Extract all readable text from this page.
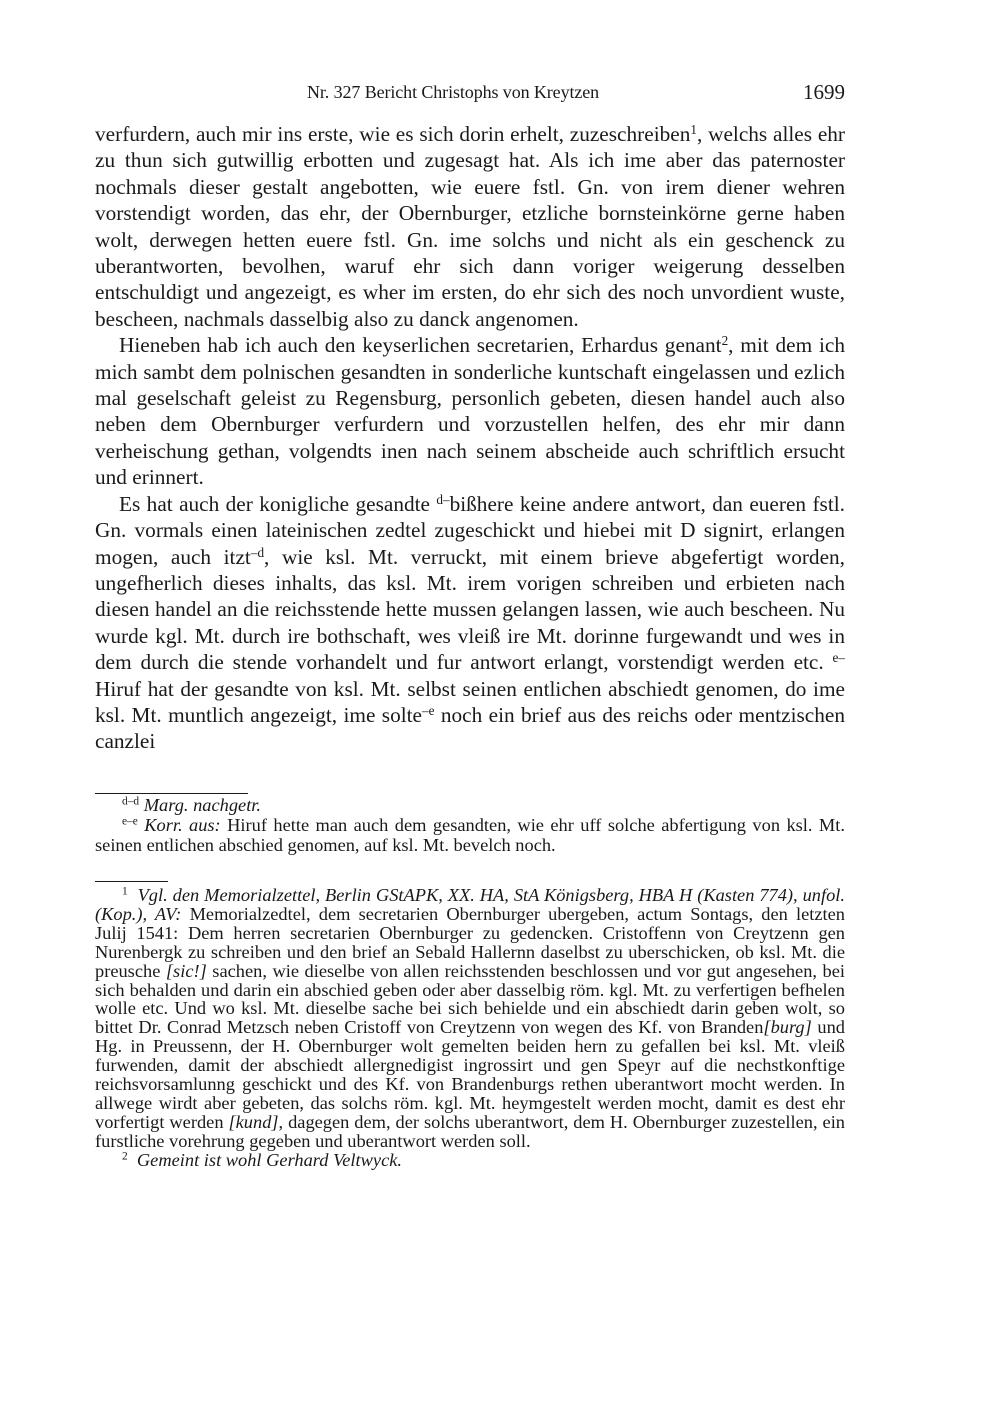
Nr. 327 Bericht Christophs von Kreytzen	1699

verfurdern, auch mir ins erste, wie es sich dorin erhelt, zuzeschreiben$^1$, welchs alles ehr zu thun sich gutwillig erbotten und zugesagt hat. Als ich ime aber das paternoster nochmals dieser gestalt angebotten, wie euere fstl. Gn. von irem diener wehren vorstendigt worden, das ehr, der Obernburger, etzliche bornsteinkörne gerne haben wolt, derwegen hetten euere fstl. Gn. ime solchs und nicht als ein geschenck zu uberantworten, bevolhen, waruf ehr sich dann voriger weigerung desselben entschuldigt und angezeigt, es wher im ersten, do ehr sich des noch unvordient wuste, bescheen, nachmals dasselbig also zu danck angenomen.

Hieneben hab ich auch den keyserlichen secretarien, Erhardus genant$^2$, mit dem ich mich sambt dem polnischen gesandten in sonderliche kuntschaft eingelassen und ezlich mal geselschaft geleist zu Regensburg, personlich gebeten, diesen handel auch also neben dem Obernburger verfurdern und vorzustellen helfen, des ehr mir dann verheischung gethan, volgendts inen nach seinem abscheide auch schriftlich ersucht und erinnert.

Es hat auch der konigliche gesandte $^{d-}$bißhere keine andere antwort, dan eueren fstl. Gn. vormals einen lateinischen zedtel zugeschickt und hiebei mit D signirt, erlangen mogen, auch itzt$^{-d}$, wie ksl. Mt. verruckt, mit einem brieve abgefertigt worden, ungefherlich dieses inhalts, das ksl. Mt. irem vorigen schreiben und erbieten nach diesen handel an die reichsstende hette mussen gelangen lassen, wie auch bescheen. Nu wurde kgl. Mt. durch ire bothschaft, wes vleiß ire Mt. dorinne furgewandt und wes in dem durch die stende vorhandelt und fur antwort erlangt, vorstendigt werden etc. $^{e-}$Hiruf hat der gesandte von ksl. Mt. selbst seinen entlichen abschiedt genomen, do ime ksl. Mt. muntlich angezeigt, ime solte$^{-e}$ noch ein brief aus des reichs oder mentzischen canzlei

$^{d-d}$ Marg. nachgetr.

$^{e-e}$ Korr. aus: Hiruf hette man auch dem gesandten, wie ehr uff solche abfertigung von ksl. Mt. seinen entlichen abschied genomen, auf ksl. Mt. bevelch noch.

$^1$ Vgl. den Memorialzettel, Berlin GStAPK, XX. HA, StA Königsberg, HBA H (Kasten 774), unfol. (Kop.), AV: Memorialzedtel, dem secretarien Obernburger ubergeben, actum Sontags, den letzten Julij 1541: Dem herren secretarien Obernburger zu gedencken. Cristoffenn von Creytzenn gen Nurenbergk zu schreiben und den brief an Sebald Hallernn daselbst zu uberschicken, ob ksl. Mt. die preusche [sic!] sachen, wie dieselbe von allen reichsstenden beschlossen und vor gut angesehen, bei sich behalden und darin ein abschied geben oder aber dasselbig röm. kgl. Mt. zu verfertigen befhelen wolle etc. Und wo ksl. Mt. dieselbe sache bei sich behielde und ein abschiedt darin geben wolt, so bittet Dr. Conrad Metzsch neben Cristoff von Creytzenn von wegen des Kf. von Branden[burg] und Hg. in Preussenn, der H. Obernburger wolt gemelten beiden hern zu gefallen bei ksl. Mt. vleiß furwenden, damit der abschiedt allergnedigist ingrossirt und gen Speyr auf die nechstkonftige reichsvorsamlunng geschickt und des Kf. von Brandenburgs rethen uberantwort mocht werden. In allwege wirdt aber gebeten, das solchs röm. kgl. Mt. heymgestelt werden mocht, damit es dest ehr vorfertigt werden [kund], dagegen dem, der solchs uberantwort, dem H. Obernburger zuzestellen, ein furstliche vorehrung gegeben und uberantwort werden soll.

$^2$ Gemeint ist wohl Gerhard Veltwyck.
